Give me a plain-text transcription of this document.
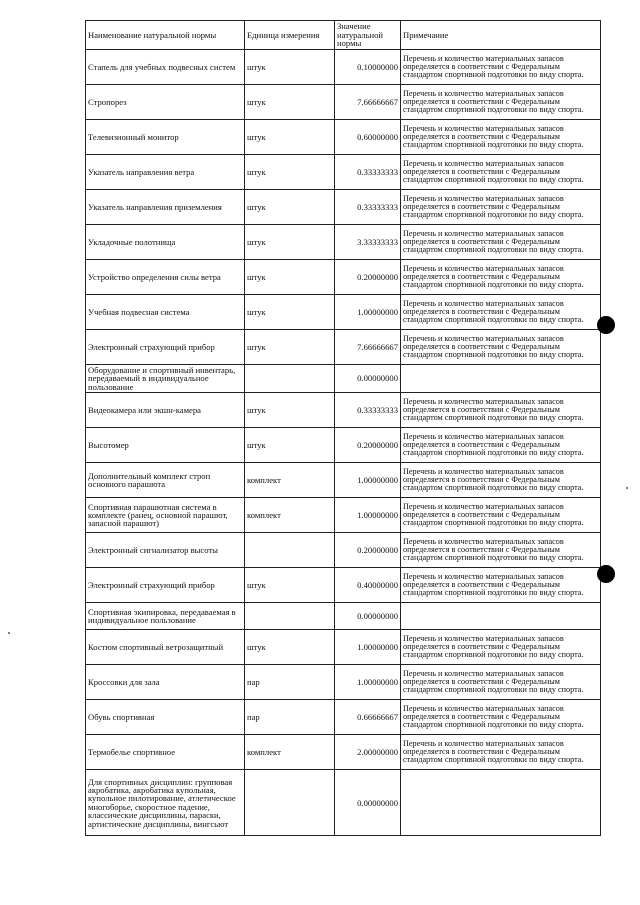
Наименование натуральной нормы	Единица измерения	Значение натуральной нормы	Примечание
Стапель для учебных подвесных систем	штук	0.10000000	Перечень и количество материальных запасов определяется в соответствии с Федеральным стандартом спортивной подготовки по виду спорта.
Стропорез	штук	7.66666667	Перечень и количество материальных запасов определяется в соответствии с Федеральным стандартом спортивной подготовки по виду спорта.
Телевизионный монитор	штук	0.60000000	Перечень и количество материальных запасов определяется в соответствии с Федеральным стандартом спортивной подготовки по виду спорта.
Указатель направления ветра	штук	0.33333333	Перечень и количество материальных запасов определяется в соответствии с Федеральным стандартом спортивной подготовки по виду спорта.
Указатель направления приземления	штук	0.33333333	Перечень и количество материальных запасов определяется в соответствии с Федеральным стандартом спортивной подготовки по виду спорта.
Укладочные полотнища	штук	3.33333333	Перечень и количество материальных запасов определяется в соответствии с Федеральным стандартом спортивной подготовки по виду спорта.
Устройство определения силы ветра	штук	0.20000000	Перечень и количество материальных запасов определяется в соответствии с Федеральным стандартом спортивной подготовки по виду спорта.
Учебная подвесная система	штук	1.00000000	Перечень и количество материальных запасов определяется в соответствии с Федеральным стандартом спортивной подготовки по виду спорта.
Электронный страхующий прибор	штук	7.66666667	Перечень и количество материальных запасов определяется в соответствии с Федеральным стандартом спортивной подготовки по виду спорта.
Оборудование и спортивный инвентарь, передаваемый в индивидуальное пользование		0.00000000	
Видеокамера или экшн-камера	штук	0.33333333	Перечень и количество материальных запасов определяется в соответствии с Федеральным стандартом спортивной подготовки по виду спорта.
Высотомер	штук	0.20000000	Перечень и количество материальных запасов определяется в соответствии с Федеральным стандартом спортивной подготовки по виду спорта.
Дополнительный комплект строп основного парашюта	комплект	1.00000000	Перечень и количество материальных запасов определяется в соответствии с Федеральным стандартом спортивной подготовки по виду спорта.
Спортивная парашютная система в комплекте (ранец, основной парашют, запасной парашют)	комплект	1.00000000	Перечень и количество материальных запасов определяется в соответствии с Федеральным стандартом спортивной подготовки по виду спорта.
Электронный сигнализатор высоты		0.20000000	Перечень и количество материальных запасов определяется в соответствии с Федеральным стандартом спортивной подготовки по виду спорта.
Электронный страхующий прибор	штук	0.40000000	Перечень и количество материальных запасов определяется в соответствии с Федеральным стандартом спортивной подготовки по виду спорта.
Спортивная экипировка, передаваемая в индивидуальное пользование		0.00000000	
Костюм спортивный ветрозащитный	штук	1.00000000	Перечень и количество материальных запасов определяется в соответствии с Федеральным стандартом спортивной подготовки по виду спорта.
Кроссовки для зала	пар	1.00000000	Перечень и количество материальных запасов определяется в соответствии с Федеральным стандартом спортивной подготовки по виду спорта.
Обувь спортивная	пар	0.66666667	Перечень и количество материальных запасов определяется в соответствии с Федеральным стандартом спортивной подготовки по виду спорта.
Термобелье спортивное	комплект	2.00000000	Перечень и количество материальных запасов определяется в соответствии с Федеральным стандартом спортивной подготовки по виду спорта.
Для спортивных дисциплин: групповая акробатика, акробатика купольная, купольное пилотирование, атлетическое многоборье, скоростное падение, классические дисциплины, параски, артистические дисциплины, вингсьют		0.00000000	
